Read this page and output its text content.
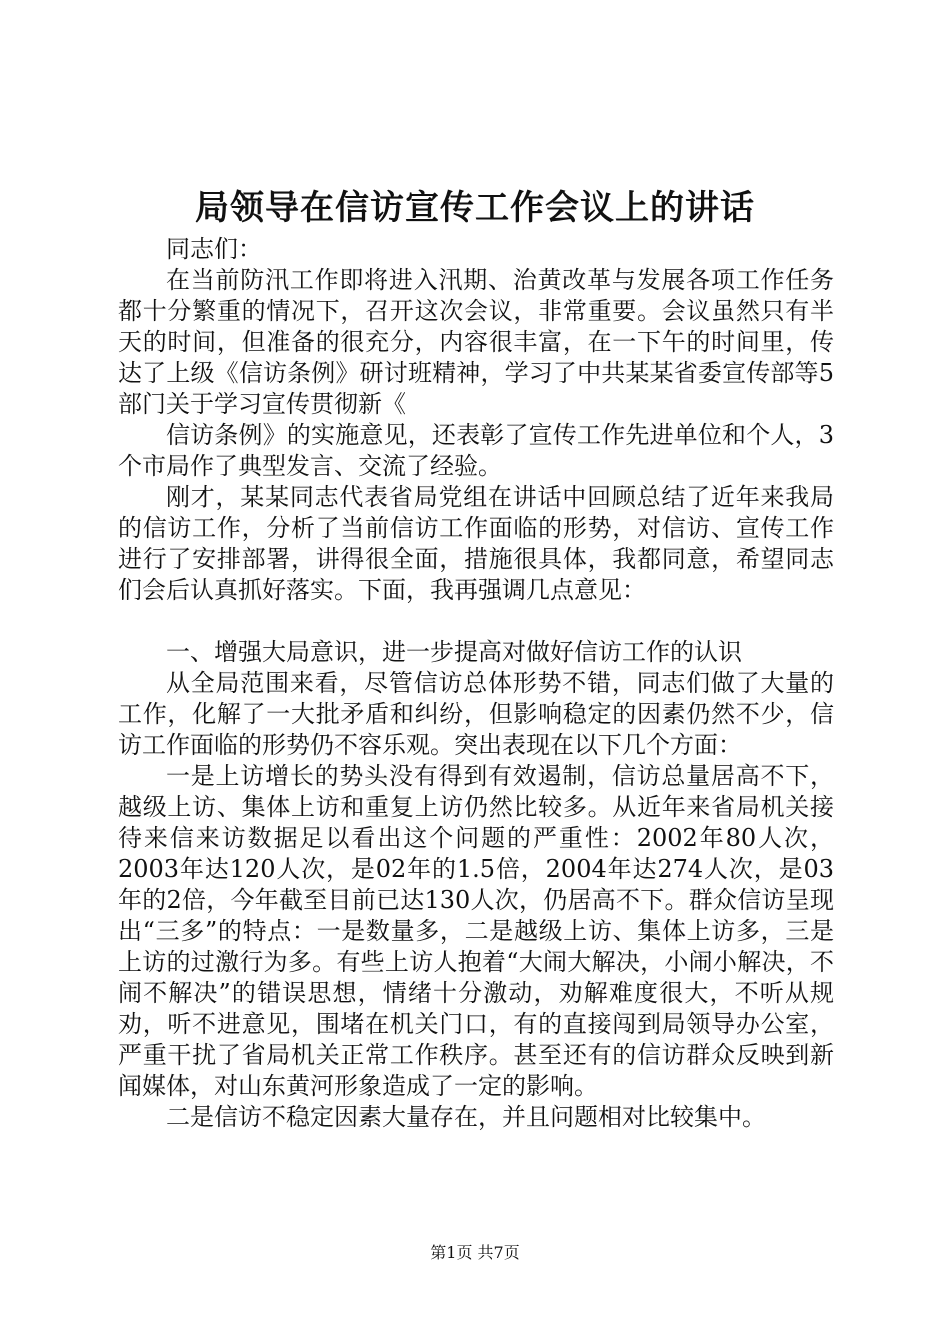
局领导在信访宣传工作会议上的讲话

同志们：

在当前防汛工作即将进入汛期、治黄改革与发展各项工作任务都十分繁重的情况下，召开这次会议，非常重要。会议虽然只有半天的时间，但准备的很充分，内容很丰富，在一下午的时间里，传达了上级《信访条例》研讨班精神，学习了中共某某省委宣传部等5部门关于学习宣传贯彻新《

信访条例》的实施意见，还表彰了宣传工作先进单位和个人，3个市局作了典型发言、交流了经验。

刚才，某某同志代表省局党组在讲话中回顾总结了近年来我局的信访工作，分析了当前信访工作面临的形势，对信访、宣传工作进行了安排部署，讲得很全面，措施很具体，我都同意，希望同志们会后认真抓好落实。下面，我再强调几点意见：

一、增强大局意识，进一步提高对做好信访工作的认识

从全局范围来看，尽管信访总体形势不错，同志们做了大量的工作，化解了一大批矛盾和纠纷，但影响稳定的因素仍然不少，信访工作面临的形势仍不容乐观。突出表现在以下几个方面：

一是上访增长的势头没有得到有效遏制，信访总量居高不下，越级上访、集体上访和重复上访仍然比较多。从近年来省局机关接待来信来访数据足以看出这个问题的严重性：2002年80人次，2003年达120人次，是02年的1.5倍，2004年达274人次，是03年的2倍，今年截至目前已达130人次，仍居高不下。群众信访呈现出“三多”的特点：一是数量多，二是越级上访、集体上访多，三是上访的过激行为多。有些上访人抱着“大闹大解决，小闹小解决，不闹不解决”的错误思想，情绪十分激动，劝解难度很大，不听从规劝，听不进意见，围堵在机关门口，有的直接闯到局领导办公室，严重干扰了省局机关正常工作秩序。甚至还有的信访群众反映到新闻媒体，对山东黄河形象造成了一定的影响。

二是信访不稳定因素大量存在，并且问题相对比较集中。

第1页 共7页
